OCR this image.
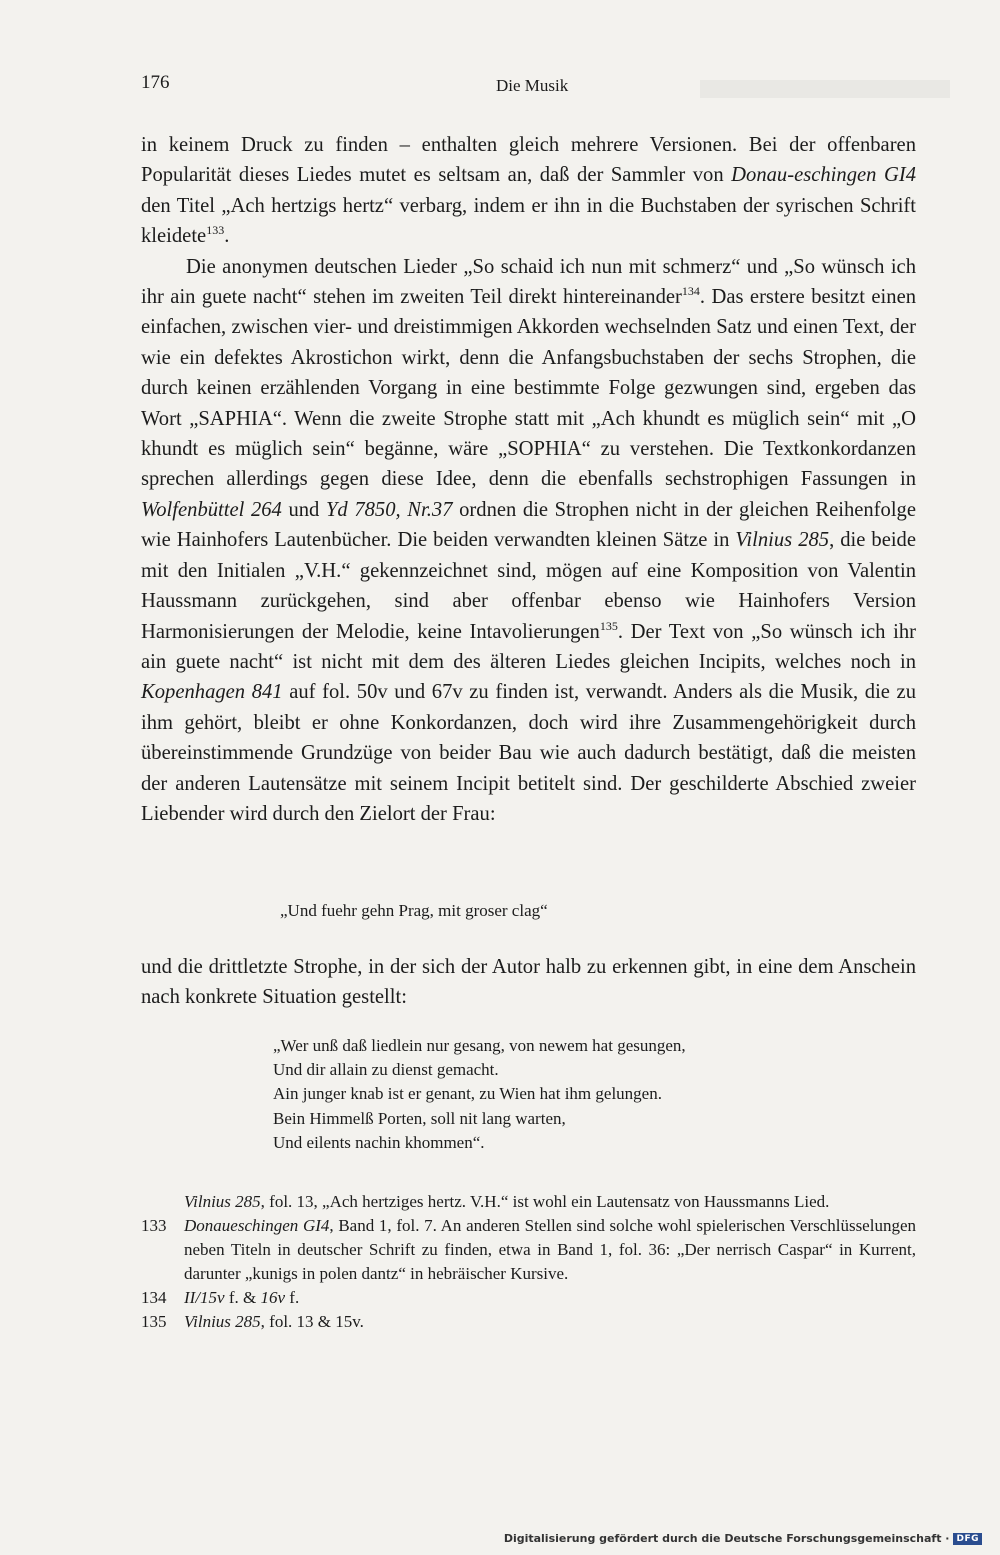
176	Die Musik

in keinem Druck zu finden – enthalten gleich mehrere Versionen. Bei der offenbaren Popularität dieses Liedes mutet es seltsam an, daß der Sammler von Donau-eschingen GI4 den Titel „Ach hertzigs hertz“ verbarg, indem er ihn in die Buchstaben der syrischen Schrift kleidete$^{133}$.

Die anonymen deutschen Lieder „So schaid ich nun mit schmerz“ und „So wünsch ich ihr ain guete nacht“ stehen im zweiten Teil direkt hintereinander$^{134}$. Das erstere besitzt einen einfachen, zwischen vier- und dreistimmigen Akkorden wechselnden Satz und einen Text, der wie ein defektes Akrostichon wirkt, denn die Anfangsbuchstaben der sechs Strophen, die durch keinen erzählenden Vorgang in eine bestimmte Folge gezwungen sind, ergeben das Wort „SAPHIA“. Wenn die zweite Strophe statt mit „Ach khundt es müglich sein“ mit „O khundt es müglich sein“ begänne, wäre „SOPHIA“ zu verstehen. Die Textkonkordanzen sprechen allerdings gegen diese Idee, denn die ebenfalls sechstrophigen Fassungen in Wolfenbüttel 264 und Yd 7850, Nr.37 ordnen die Strophen nicht in der gleichen Reihenfolge wie Hainhofers Lautenbücher. Die beiden verwandten kleinen Sätze in Vilnius 285, die beide mit den Initialen „V.H.“ gekennzeichnet sind, mögen auf eine Komposition von Valentin Haussmann zurückgehen, sind aber offenbar ebenso wie Hainhofers Version Harmonisierungen der Melodie, keine Intavolierungen$^{135}$. Der Text von „So wünsch ich ihr ain guete nacht“ ist nicht mit dem des älteren Liedes gleichen Incipits, welches noch in Kopenhagen 841 auf fol. 50v und 67v zu finden ist, verwandt. Anders als die Musik, die zu ihm gehört, bleibt er ohne Konkordanzen, doch wird ihre Zusammengehörigkeit durch übereinstimmende Grundzüge von beider Bau wie auch dadurch bestätigt, daß die meisten der anderen Lautensätze mit seinem Incipit betitelt sind. Der geschilderte Abschied zweier Liebender wird durch den Zielort der Frau:

„Und fuehr gehn Prag, mit groser clag“

und die drittletzte Strophe, in der sich der Autor halb zu erkennen gibt, in eine dem Anschein nach konkrete Situation gestellt:

„Wer unß daß liedlein nur gesang, von newem hat gesungen,
Und dir allain zu dienst gemacht.
Ain junger knab ist er genant, zu Wien hat ihm gelungen.
Bein Himmelß Porten, soll nit lang warten,
Und eilents nachin khommen“.
Vilnius 285, fol. 13, „Ach hertziges hertz. V.H.“ ist wohl ein Lautensatz von Haussmanns Lied.
133 Donaueschingen GI4, Band 1, fol. 7. An anderen Stellen sind solche wohl spielerischen Verschlüsselungen neben Titeln in deutscher Schrift zu finden, etwa in Band 1, fol. 36: „Der nerrisch Caspar“ in Kurrent, darunter „kunigs in polen dantz“ in hebräischer Kursive.
134 II/15v f. & 16v f.
135 Vilnius 285, fol. 13 & 15v.
Digitalisierung gefördert durch die Deutsche Forschungsgemeinschaft · DFG
